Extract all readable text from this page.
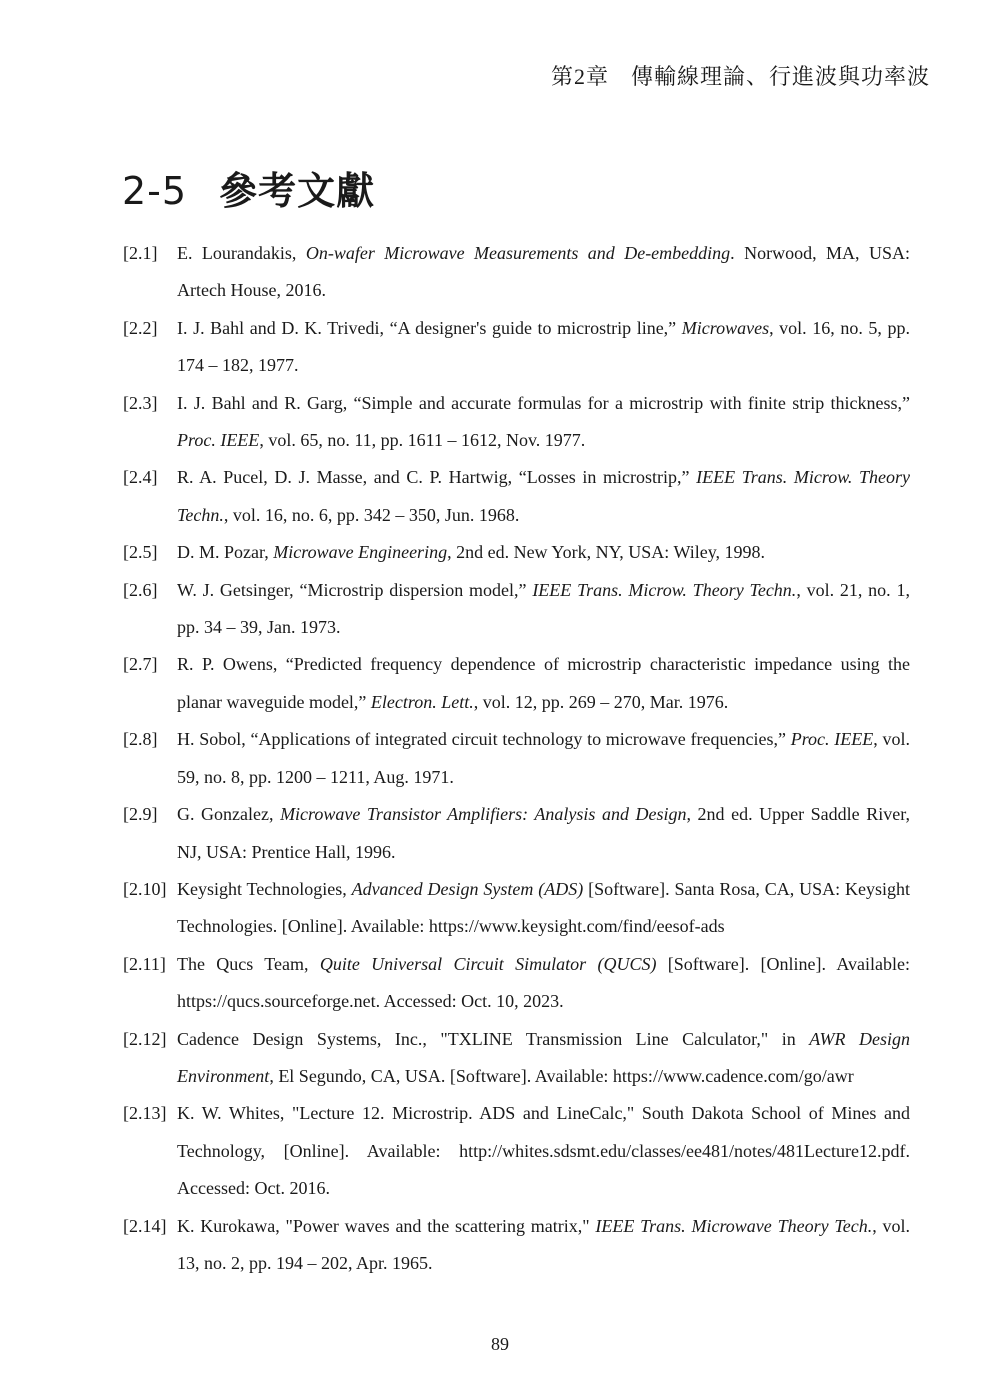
第2章 傳輸線理論、行進波與功率波
2-5 參考文獻
[2.1]	E. Lourandakis, On-wafer Microwave Measurements and De-embedding. Norwood, MA, USA: Artech House, 2016.
[2.2]	I. J. Bahl and D. K. Trivedi, “A designer's guide to microstrip line,” Microwaves, vol. 16, no. 5, pp. 174 – 182, 1977.
[2.3]	I. J. Bahl and R. Garg, “Simple and accurate formulas for a microstrip with finite strip thickness,” Proc. IEEE, vol. 65, no. 11, pp. 1611 – 1612, Nov. 1977.
[2.4]	R. A. Pucel, D. J. Masse, and C. P. Hartwig, “Losses in microstrip,” IEEE Trans. Microw. Theory Techn., vol. 16, no. 6, pp. 342 – 350, Jun. 1968.
[2.5]	D. M. Pozar, Microwave Engineering, 2nd ed. New York, NY, USA: Wiley, 1998.
[2.6]	W. J. Getsinger, “Microstrip dispersion model,” IEEE Trans. Microw. Theory Techn., vol. 21, no. 1, pp. 34 – 39, Jan. 1973.
[2.7]	R. P. Owens, “Predicted frequency dependence of microstrip characteristic impedance using the planar waveguide model,” Electron. Lett., vol. 12, pp. 269 – 270, Mar. 1976.
[2.8]	H. Sobol, “Applications of integrated circuit technology to microwave frequencies,” Proc. IEEE, vol. 59, no. 8, pp. 1200 – 1211, Aug. 1971.
[2.9]	G. Gonzalez, Microwave Transistor Amplifiers: Analysis and Design, 2nd ed. Upper Saddle River, NJ, USA: Prentice Hall, 1996.
[2.10] Keysight Technologies, Advanced Design System (ADS) [Software]. Santa Rosa, CA, USA: Keysight Technologies. [Online]. Available: https://www.keysight.com/find/eesof-ads
[2.11] The Qucs Team, Quite Universal Circuit Simulator (QUCS) [Software]. [Online]. Available: https://qucs.sourceforge.net. Accessed: Oct. 10, 2023.
[2.12] Cadence Design Systems, Inc., "TXLINE Transmission Line Calculator," in AWR Design Environment, El Segundo, CA, USA. [Software]. Available: https://www.cadence.com/go/awr
[2.13] K. W. Whites, "Lecture 12. Microstrip. ADS and LineCalc," South Dakota School of Mines and Technology, [Online]. Available: http://whites.sdsmt.edu/classes/ee481/notes/481Lecture12.pdf. Accessed: Oct. 2016.
[2.14] K. Kurokawa, "Power waves and the scattering matrix," IEEE Trans. Microwave Theory Tech., vol. 13, no. 2, pp. 194 – 202, Apr. 1965.
89
